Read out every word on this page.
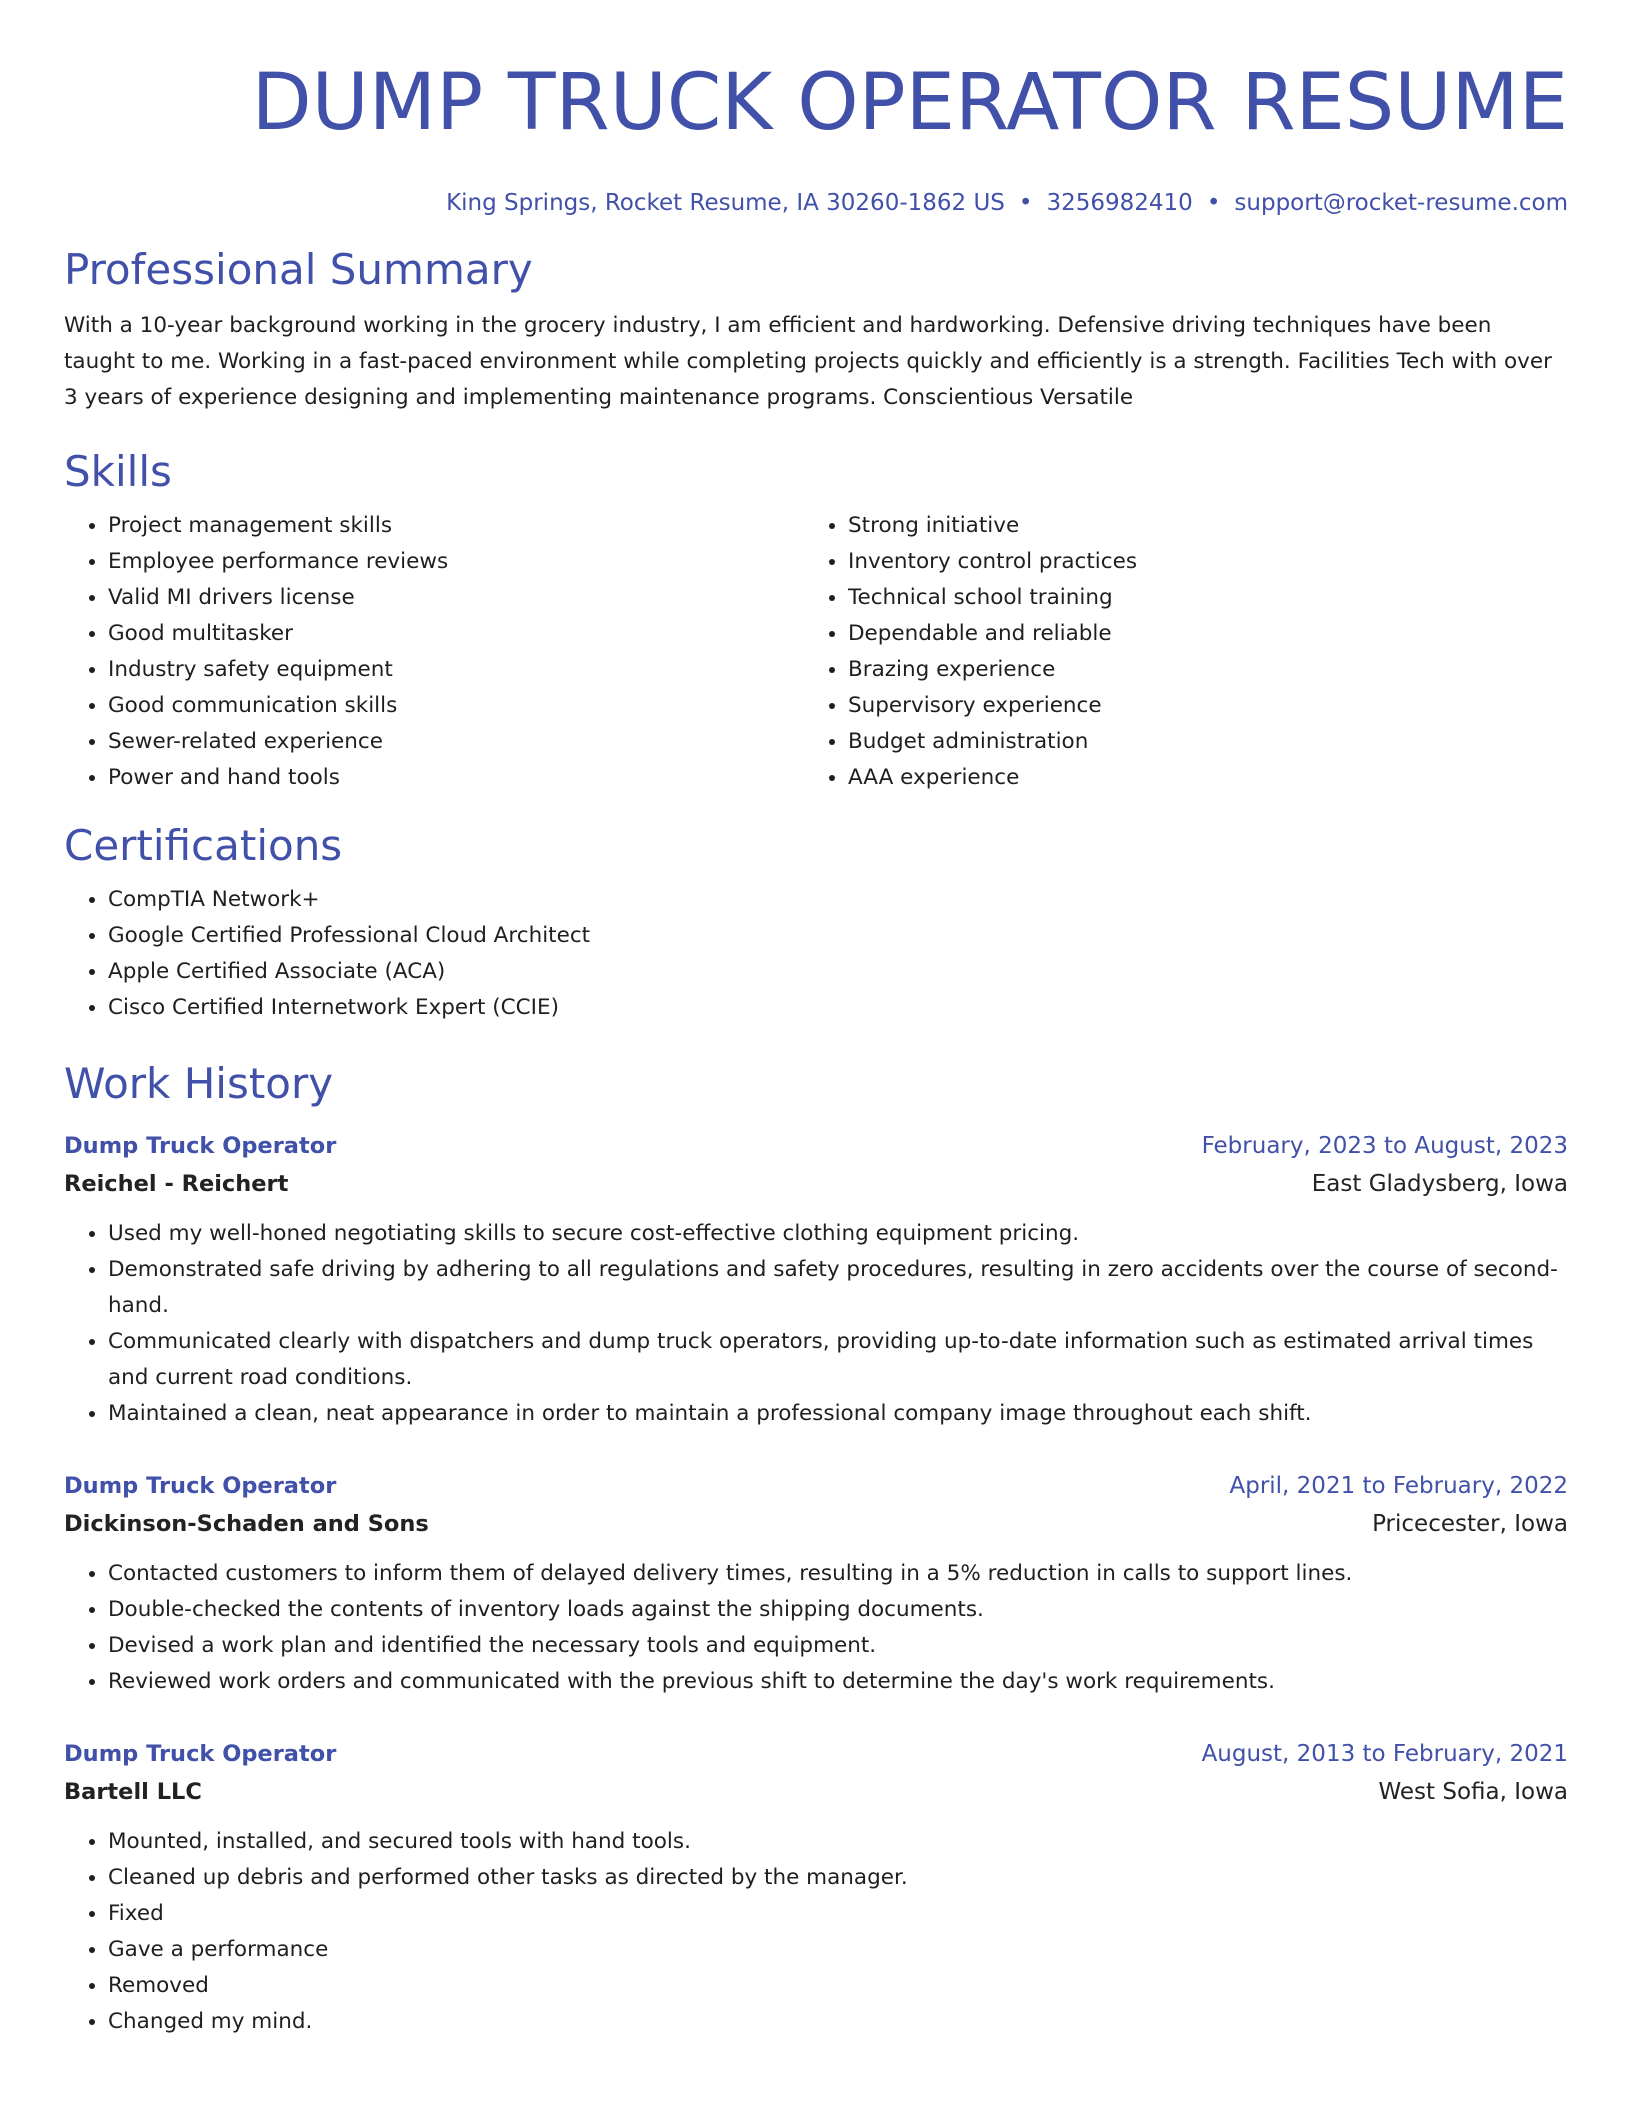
DUMP TRUCK OPERATOR RESUME
King Springs, Rocket Resume, IA 30260-1862 US • 3256982410 • support@rocket-resume.com
Professional Summary

With a 10-year background working in the grocery industry, I am efficient and hardworking. Defensive driving techniques have been taught to me. Working in a fast-paced environment while completing projects quickly and efficiently is a strength. Facilities Tech with over 3 years of experience designing and implementing maintenance programs. Conscientious Versatile

Skills
• Project management skills
• Employee performance reviews
• Valid MI drivers license
• Good multitasker
• Industry safety equipment
• Good communication skills
• Sewer-related experience
• Power and hand tools
• Strong initiative
• Inventory control practices
• Technical school training
• Dependable and reliable
• Brazing experience
• Supervisory experience
• Budget administration
• AAA experience
Certifications
• CompTIA Network+
• Google Certified Professional Cloud Architect
• Apple Certified Associate (ACA)
• Cisco Certified Internetwork Expert (CCIE)
Work History
Dump Truck Operator	February, 2023 to August, 2023
Reichel - Reichert	East Gladysberg, Iowa
• Used my well-honed negotiating skills to secure cost-effective clothing equipment pricing.
• Demonstrated safe driving by adhering to all regulations and safety procedures, resulting in zero accidents over the course of second-hand.
• Communicated clearly with dispatchers and dump truck operators, providing up-to-date information such as estimated arrival times and current road conditions.
• Maintained a clean, neat appearance in order to maintain a professional company image throughout each shift.
Dump Truck Operator	April, 2021 to February, 2022
Dickinson-Schaden and Sons	Pricecester, Iowa
• Contacted customers to inform them of delayed delivery times, resulting in a 5% reduction in calls to support lines.
• Double-checked the contents of inventory loads against the shipping documents.
• Devised a work plan and identified the necessary tools and equipment.
• Reviewed work orders and communicated with the previous shift to determine the day's work requirements.
Dump Truck Operator	August, 2013 to February, 2021
Bartell LLC	West Sofia, Iowa
• Mounted, installed, and secured tools with hand tools.
• Cleaned up debris and performed other tasks as directed by the manager.
• Fixed
• Gave a performance
• Removed
• Changed my mind.
